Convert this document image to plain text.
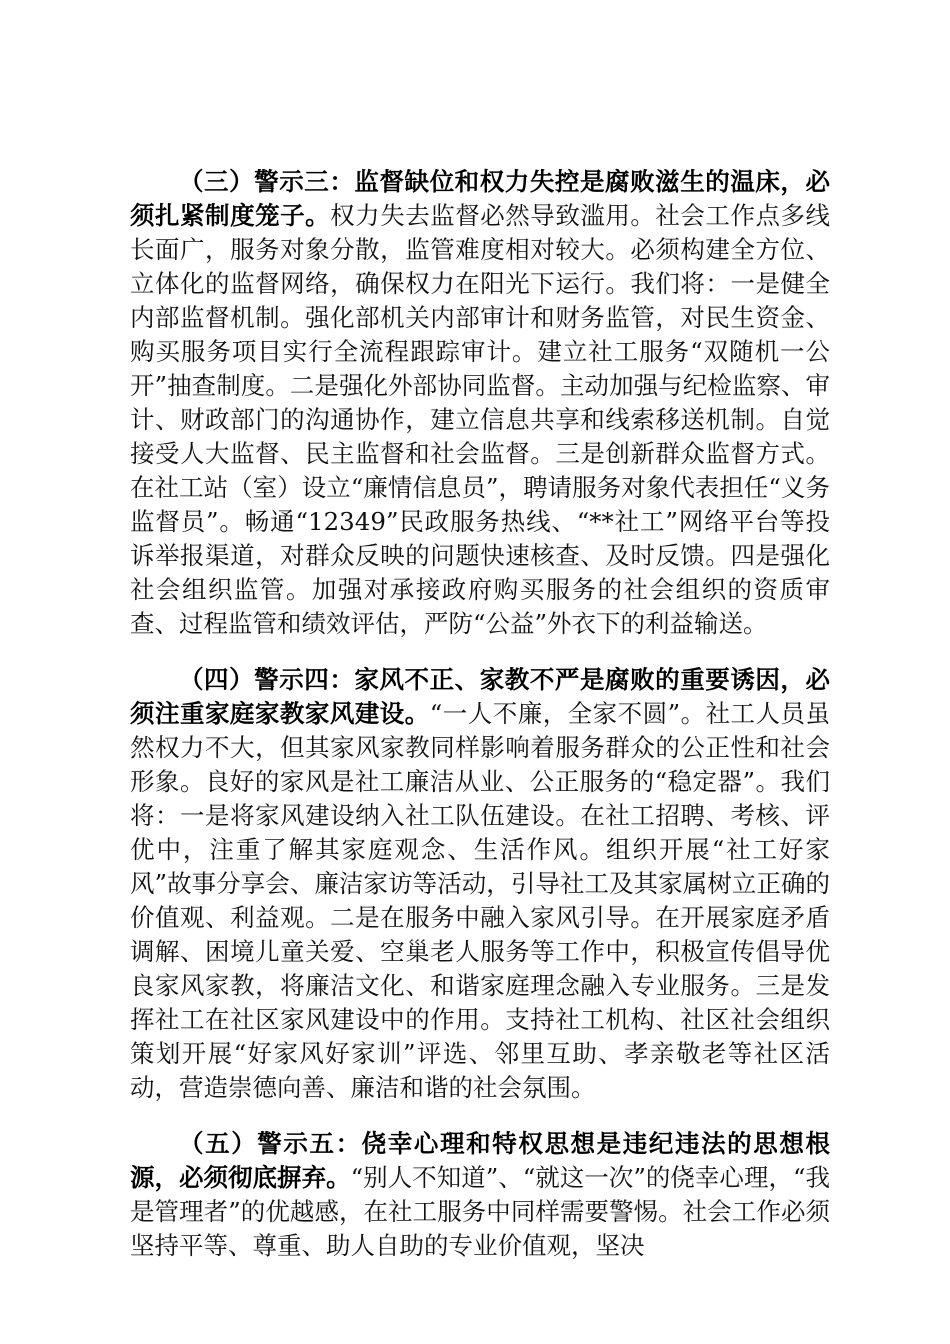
（三）警示三：监督缺位和权力失控是腐败滋生的温床，必须扎紧制度笼子。权力失去监督必然导致滥用。社会工作点多线长面广，服务对象分散，监管难度相对较大。必须构建全方位、立体化的监督网络，确保权力在阳光下运行。我们将：一是健全内部监督机制。强化部机关内部审计和财务监管，对民生资金、购买服务项目实行全流程跟踪审计。建立社工服务“双随机一公开”抽查制度。二是强化外部协同监督。主动加强与纪检监察、审计、财政部门的沟通协作，建立信息共享和线索移送机制。自觉接受人大监督、民主监督和社会监督。三是创新群众监督方式。在社工站（室）设立“廉情信息员”，聘请服务对象代表担任“义务监督员”。畅通“12349”民政服务热线、“**社工”网络平台等投诉举报渠道，对群众反映的问题快速核查、及时反馈。四是强化社会组织监管。加强对承接政府购买服务的社会组织的资质审查、过程监管和绩效评估，严防“公益”外衣下的利益输送。

（四）警示四：家风不正、家教不严是腐败的重要诱因，必须注重家庭家教家风建设。“一人不廉，全家不圆”。社工人员虽然权力不大，但其家风家教同样影响着服务群众的公正性和社会形象。良好的家风是社工廉洁从业、公正服务的“稳定器”。我们将：一是将家风建设纳入社工队伍建设。在社工招聘、考核、评优中，注重了解其家庭观念、生活作风。组织开展“社工好家风”故事分享会、廉洁家访等活动，引导社工及其家属树立正确的价值观、利益观。二是在服务中融入家风引导。在开展家庭矛盾调解、困境儿童关爱、空巢老人服务等工作中，积极宣传倡导优良家风家教，将廉洁文化、和谐家庭理念融入专业服务。三是发挥社工在社区家风建设中的作用。支持社工机构、社区社会组织策划开展“好家风好家训”评选、邻里互助、孝亲敬老等社区活动，营造崇德向善、廉洁和谐的社会氛围。

（五）警示五：侥幸心理和特权思想是违纪违法的思想根源，必须彻底摒弃。“别人不知道”、“就这一次”的侥幸心理，“我是管理者”的优越感，在社工服务中同样需要警惕。社会工作必须坚持平等、尊重、助人自助的专业价值观，坚决
